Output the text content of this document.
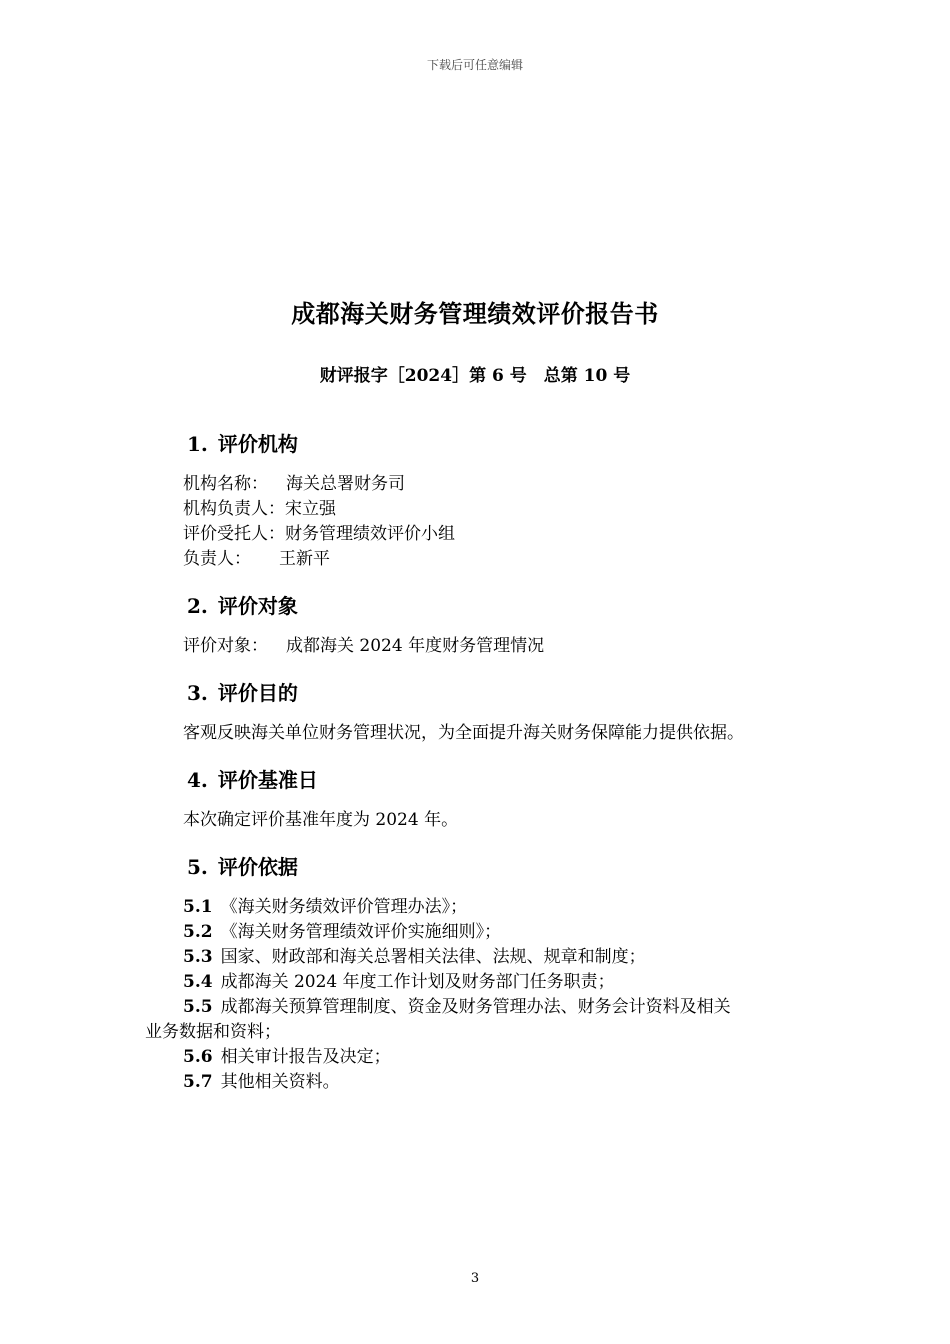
下载后可任意编辑
成都海关财务管理绩效评价报告书
财评报字［2024］第 6 号　总第 10 号
1. 评价机构
机构名称： 海关总署财务司
机构负责人：宋立强
评价受托人：财务管理绩效评价小组
负责人： 王新平
2. 评价对象
评价对象： 成都海关 2024 年度财务管理情况
3. 评价目的
客观反映海关单位财务管理状况，为全面提升海关财务保障能力提供依据。
4. 评价基准日
本次确定评价基准年度为 2024 年。
5. 评价依据
5.1 《海关财务绩效评价管理办法》；
5.2 《海关财务管理绩效评价实施细则》；
5.3 国家、财政部和海关总署相关法律、法规、规章和制度；
5.4 成都海关 2024 年度工作计划及财务部门任务职责；
5.5 成都海关预算管理制度、资金及财务管理办法、财务会计资料及相关
业务数据和资料；
5.6 相关审计报告及决定；
5.7 其他相关资料。
3
